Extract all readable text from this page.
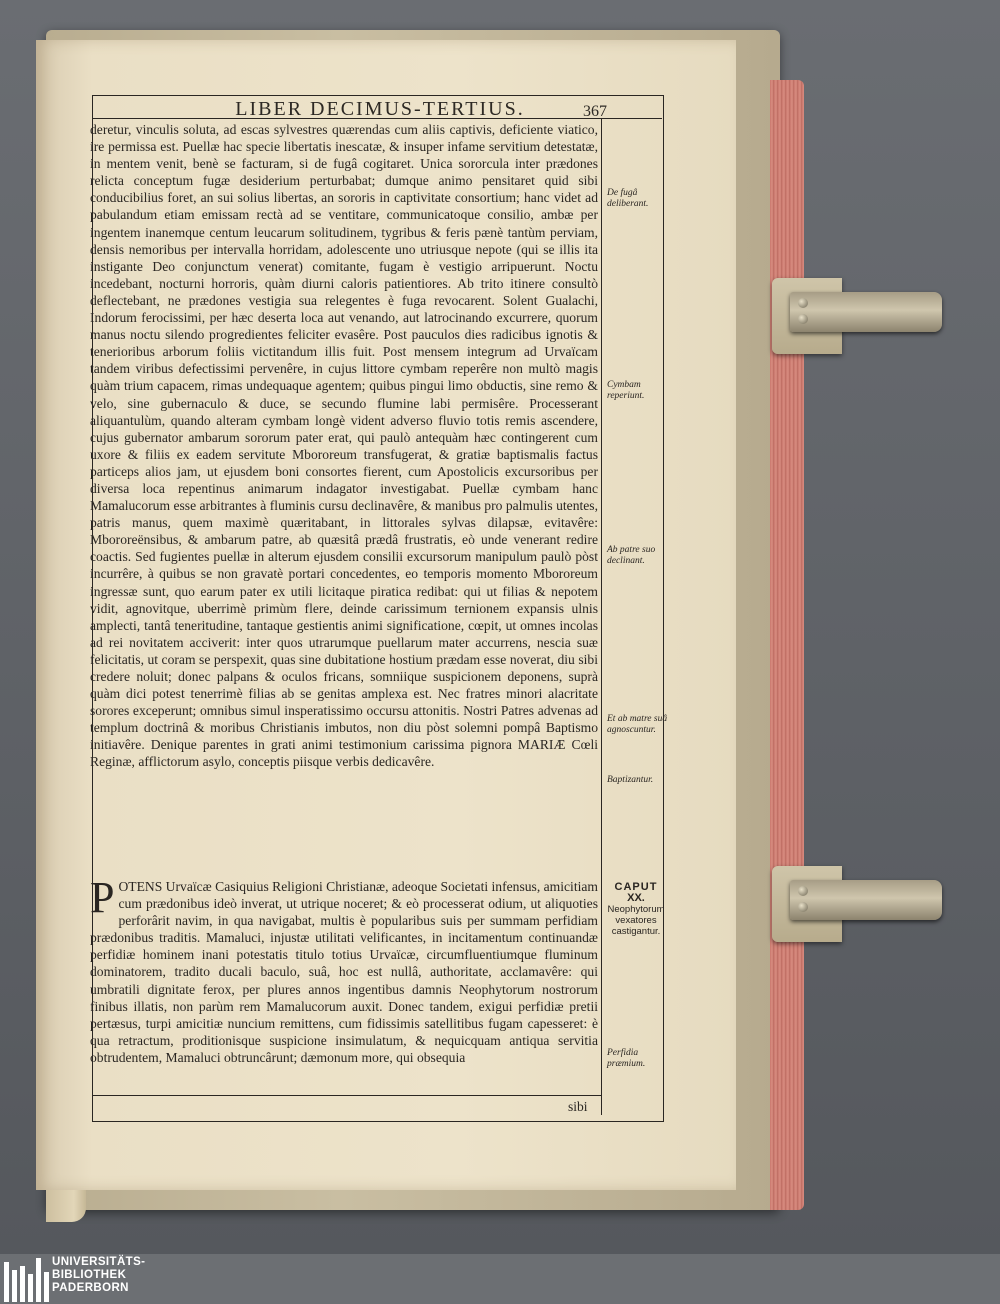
LIBER DECIMUS-TERTIUS.	367

deretur, vinculis soluta, ad escas sylvestres quærendas cum aliis captivis, deficiente viatico, ire permissa est. Puellæ hac specie libertatis inescatæ, & insuper infame servitium detestatæ, in mentem venit, benè se facturam, si de fugâ cogitaret. Unica sororcula inter prædones relicta conceptum fugæ desiderium perturbabat; dumque animo pensitaret quid sibi conducibilius foret, an sui solius libertas, an sororis in captivitate consortium; hanc videt ad pabulandum etiam emissam rectà ad se ventitare, communicatoque consilio, ambæ per ingentem inanemque centum leucarum solitudinem, tygribus & feris pænè tantùm perviam, densis nemoribus per intervalla horridam, adolescente uno utriusque nepote (qui se illis ita instigante Deo conjunctum venerat) comitante, fugam è vestigio arripuerunt. Noctu incedebant, nocturni horroris, quàm diurni caloris patientiores. Ab trito itinere consultò deflectebant, ne prædones vestigia sua relegentes è fuga revocarent. Solent Gualachi, Indorum ferocissimi, per hæc deserta loca aut venando, aut latrocinando excurrere, quorum manus noctu silendo progredientes feliciter evasêre. Post pauculos dies radicibus ignotis & tenerioribus arborum foliis victitandum illis fuit. Post mensem integrum ad Urvaïcam tandem viribus defectissimi pervenêre, in cujus littore cymbam reperêre non multò magis quàm trium capacem, rimas undequaque agentem; quibus pingui limo obductis, sine remo & velo, sine gubernaculo & duce, se secundo flumine labi permisêre. Processerant aliquantulùm, quando alteram cymbam longè vident adverso fluvio totis remis ascendere, cujus gubernator ambarum sororum pater erat, qui paulò antequàm hæc contingerent cum uxore & filiis ex eadem servitute Mbororeum transfugerat, & gratiæ baptismalis factus particeps alios jam, ut ejusdem boni consortes fierent, cum Apostolicis excursoribus per diversa loca repentinus animarum indagator investigabat. Puellæ cymbam hanc Mamalucorum esse arbitrantes à fluminis cursu declinavêre, & manibus pro palmulis utentes, patris manus, quem maximè quæritabant, in littorales sylvas dilapsæ, evitavêre: Mbororeënsibus, & ambarum patre, ab quæsitâ prædâ frustratis, eò unde venerant redire coactis. Sed fugientes puellæ in alterum ejusdem consilii excursorum manipulum paulò pòst incurrêre, à quibus se non gravatè portari concedentes, eo temporis momento Mbororeum ingressæ sunt, quo earum pater ex utili licitaque piratica redibat: qui ut filias & nepotem vidit, agnovitque, uberrimè primùm flere, deinde carissimum ternionem expansis ulnis amplecti, tantâ teneritudine, tantaque gestientis animi significatione, cœpit, ut omnes incolas ad rei novitatem acciverit: inter quos utrarumque puellarum mater accurrens, nescia suæ felicitatis, ut coram se perspexit, quas sine dubitatione hostium prædam esse noverat, diu sibi credere noluit; donec palpans & oculos fricans, somniique suspicionem deponens, suprà quàm dici potest tenerrimè filias ab se genitas amplexa est. Nec fratres minori alacritate sorores exceperunt; omnibus simul insperatissimo occursu attonitis. Nostri Patres advenas ad templum doctrinâ & moribus Christianis imbutos, non diu pòst solemni pompâ Baptismo initiavêre. Denique parentes in grati animi testimonium carissima pignora MARIÆ Cœli Reginæ, afflictorum asylo, conceptis piisque verbis dedicavêre.

POTENS Urvaïcæ Casiquius Religioni Christianæ, adeoque Societati infensus, amicitiam cum prædonibus ideò inverat, ut utrique noceret; & eò processerat odium, ut aliquoties perforârit navim, in qua navigabat, multis è popularibus suis per summam perfidiam prædonibus traditis. Mamaluci, injustæ utilitati velificantes, in incitamentum continuandæ perfidiæ hominem inani potestatis titulo totius Urvaïcæ, circumfluentiumque fluminum dominatorem, tradito ducali baculo, suâ, hoc est nullâ, authoritate, acclamavêre: qui umbratili dignitate ferox, per plures annos ingentibus damnis Neophytorum nostrorum finibus illatis, non parùm rem Mamalucorum auxit. Donec tandem, exigui perfidiæ pretii pertæsus, turpi amicitiæ nuncium remittens, cum fidissimis satellitibus fugam capesseret: è qua retractum, proditionisque suspicione insimulatum, & nequicquam antiqua servitia obtrudentem, Mamaluci obtruncârunt; dæmonum more, qui obsequia

sibi
De fugâ deliberant.
Cymbam reperiunt.
Ab patre suo declinant.
Et ab matre suâ agnoscuntur.
Baptizantur.
CAPUT
XX.
Neophytorum vexatores castigantur.
Perfidia præmium.
UNIVERSITÄTS-
BIBLIOTHEK
PADERBORN
